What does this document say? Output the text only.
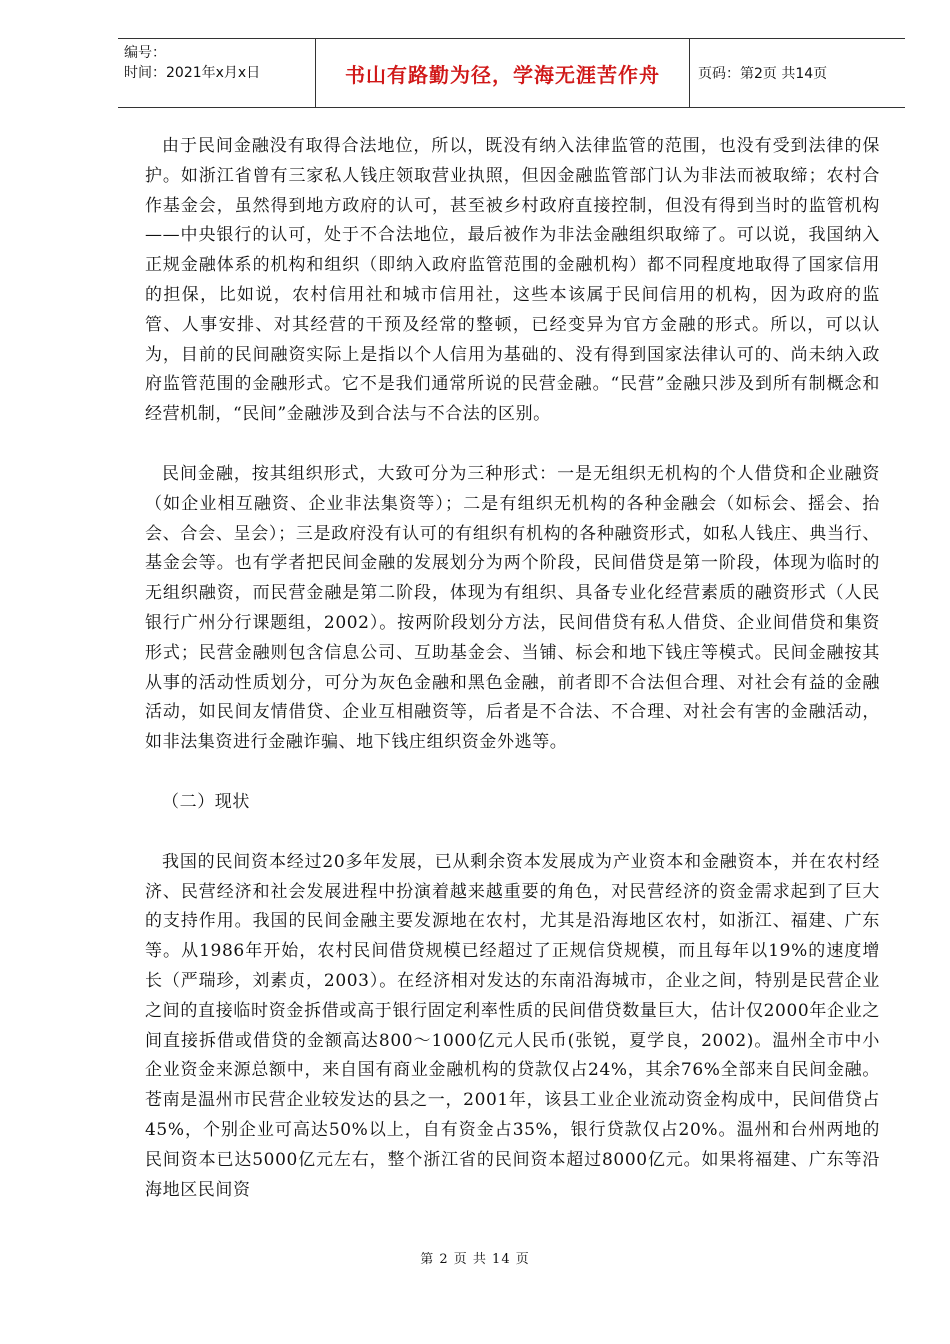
编号：
时间：2021年x月x日	书山有路勤为径，学海无涯苦作舟	页码：第2页 共14页

由于民间金融没有取得合法地位，所以，既没有纳入法律监管的范围，也没有受到法律的保护。如浙江省曾有三家私人钱庄领取营业执照，但因金融监管部门认为非法而被取缔；农村合作基金会，虽然得到地方政府的认可，甚至被乡村政府直接控制，但没有得到当时的监管机构——中央银行的认可，处于不合法地位，最后被作为非法金融组织取缔了。可以说，我国纳入正规金融体系的机构和组织（即纳入政府监管范围的金融机构）都不同程度地取得了国家信用的担保，比如说，农村信用社和城市信用社，这些本该属于民间信用的机构，因为政府的监管、人事安排、对其经营的干预及经常的整顿，已经变异为官方金融的形式。所以，可以认为，目前的民间融资实际上是指以个人信用为基础的、没有得到国家法律认可的、尚未纳入政府监管范围的金融形式。它不是我们通常所说的民营金融。“民营”金融只涉及到所有制概念和经营机制，“民间”金融涉及到合法与不合法的区别。

民间金融，按其组织形式，大致可分为三种形式：一是无组织无机构的个人借贷和企业融资（如企业相互融资、企业非法集资等）；二是有组织无机构的各种金融会（如标会、摇会、抬会、合会、呈会）；三是政府没有认可的有组织有机构的各种融资形式，如私人钱庄、典当行、基金会等。也有学者把民间金融的发展划分为两个阶段，民间借贷是第一阶段，体现为临时的无组织融资，而民营金融是第二阶段，体现为有组织、具备专业化经营素质的融资形式（人民银行广州分行课题组，2002）。按两阶段划分方法，民间借贷有私人借贷、企业间借贷和集资形式；民营金融则包含信息公司、互助基金会、当铺、标会和地下钱庄等模式。民间金融按其从事的活动性质划分，可分为灰色金融和黑色金融，前者即不合法但合理、对社会有益的金融活动，如民间友情借贷、企业互相融资等，后者是不合法、不合理、对社会有害的金融活动，如非法集资进行金融诈骗、地下钱庄组织资金外逃等。

（二）现状

我国的民间资本经过20多年发展，已从剩余资本发展成为产业资本和金融资本，并在农村经济、民营经济和社会发展进程中扮演着越来越重要的角色，对民营经济的资金需求起到了巨大的支持作用。我国的民间金融主要发源地在农村，尤其是沿海地区农村，如浙江、福建、广东等。从1986年开始，农村民间借贷规模已经超过了正规信贷规模，而且每年以19%的速度增长（严瑞珍，刘素贞，2003）。在经济相对发达的东南沿海城市，企业之间，特别是民营企业之间的直接临时资金拆借或高于银行固定利率性质的民间借贷数量巨大，估计仅2000年企业之间直接拆借或借贷的金额高达800～1000亿元人民币(张锐，夏学良，2002)。温州全市中小企业资金来源总额中，来自国有商业金融机构的贷款仅占24%，其余76%全部来自民间金融。苍南是温州市民营企业较发达的县之一，2001年，该县工业企业流动资金构成中，民间借贷占45%，个别企业可高达50%以上，自有资金占35%，银行贷款仅占20%。温州和台州两地的民间资本已达5000亿元左右，整个浙江省的民间资本超过8000亿元。如果将福建、广东等沿海地区民间资

第 2 页 共 14 页
